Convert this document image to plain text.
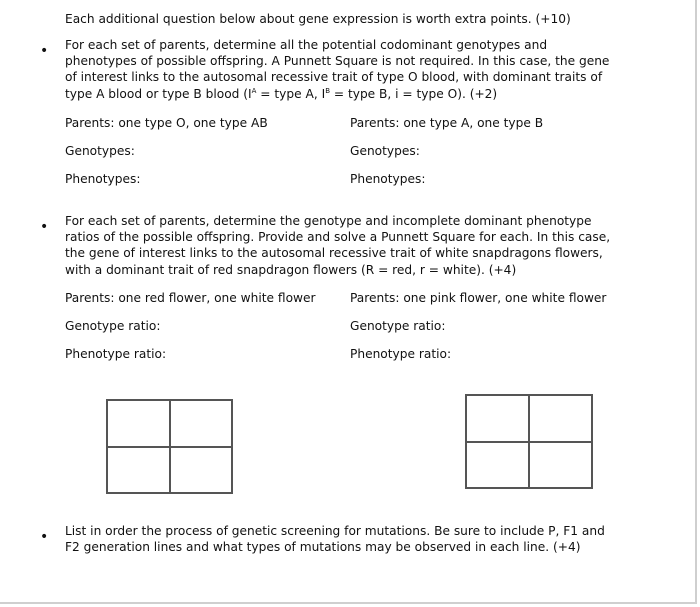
Each additional question below about gene expression is worth extra points. (+10)
• For each set of parents, determine all the potential codominant genotypes and phenotypes of possible offspring. A Punnett Square is not required. In this case, the gene of interest links to the autosomal recessive trait of type O blood, with dominant traits of type A blood or type B blood ($I^A$ = type A, $I^B$ = type B, i = type O). (+2)
Parents: one type O, one type AB	Parents: one type A, one type B
Genotypes:	Genotypes:
Phenotypes:	Phenotypes:
• For each set of parents, determine the genotype and incomplete dominant phenotype ratios of the possible offspring. Provide and solve a Punnett Square for each. In this case, the gene of interest links to the autosomal recessive trait of white snapdragons flowers, with a dominant trait of red snapdragon flowers (R = red, r = white). (+4)
Parents: one red flower, one white flower	Parents: one pink flower, one white flower
Genotype ratio:	Genotype ratio:
Phenotype ratio:	Phenotype ratio:
• List in order the process of genetic screening for mutations. Be sure to include P, F1 and F2 generation lines and what types of mutations may be observed in each line. (+4)
